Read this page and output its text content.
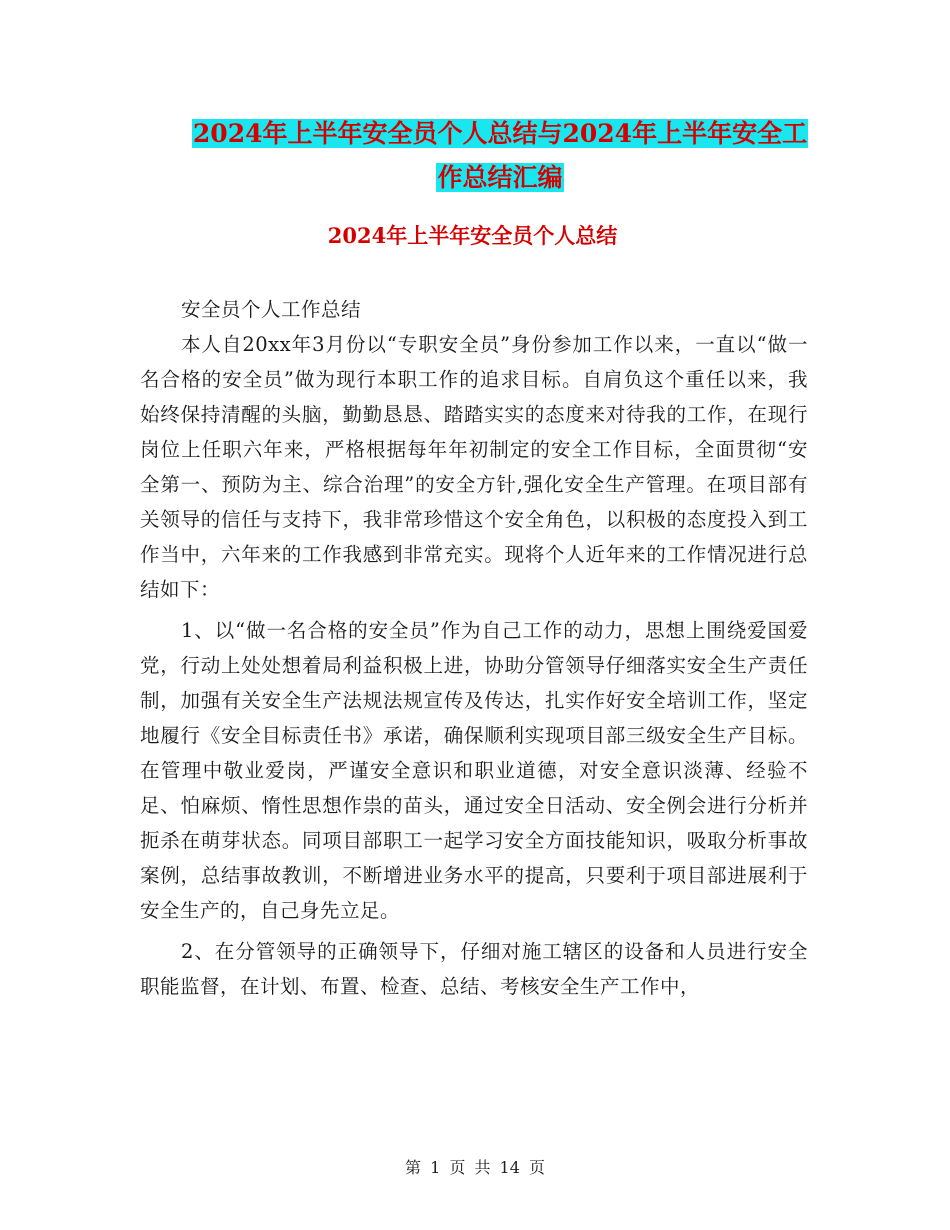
2024年上半年安全员个人总结与2024年上半年安全工
作总结汇编
2024年上半年安全员个人总结

安全员个人工作总结

本人自20xx年3月份以“专职安全员”身份参加工作以来，一直以“做一名合格的安全员”做为现行本职工作的追求目标。自肩负这个重任以来，我始终保持清醒的头脑，勤勤恳恳、踏踏实实的态度来对待我的工作，在现行岗位上任职六年来，严格根据每年年初制定的安全工作目标，全面贯彻“安全第一、预防为主、综合治理”的安全方针,强化安全生产管理。在项目部有关领导的信任与支持下，我非常珍惜这个安全角色，以积极的态度投入到工作当中，六年来的工作我感到非常充实。现将个人近年来的工作情况进行总结如下：

1、以“做一名合格的安全员”作为自己工作的动力，思想上围绕爱国爱党，行动上处处想着局利益积极上进，协助分管领导仔细落实安全生产责任制，加强有关安全生产法规法规宣传及传达，扎实作好安全培训工作，坚定地履行《安全目标责任书》承诺，确保顺利实现项目部三级安全生产目标。在管理中敬业爱岗，严谨安全意识和职业道德，对安全意识淡薄、经验不足、怕麻烦、惰性思想作祟的苗头，通过安全日活动、安全例会进行分析并扼杀在萌芽状态。同项目部职工一起学习安全方面技能知识，吸取分析事故案例，总结事故教训，不断增进业务水平的提高，只要利于项目部进展利于安全生产的，自己身先立足。

2、在分管领导的正确领导下，仔细对施工辖区的设备和人员进行安全职能监督，在计划、布置、检查、总结、考核安全生产工作中，

第 1 页 共 14 页
